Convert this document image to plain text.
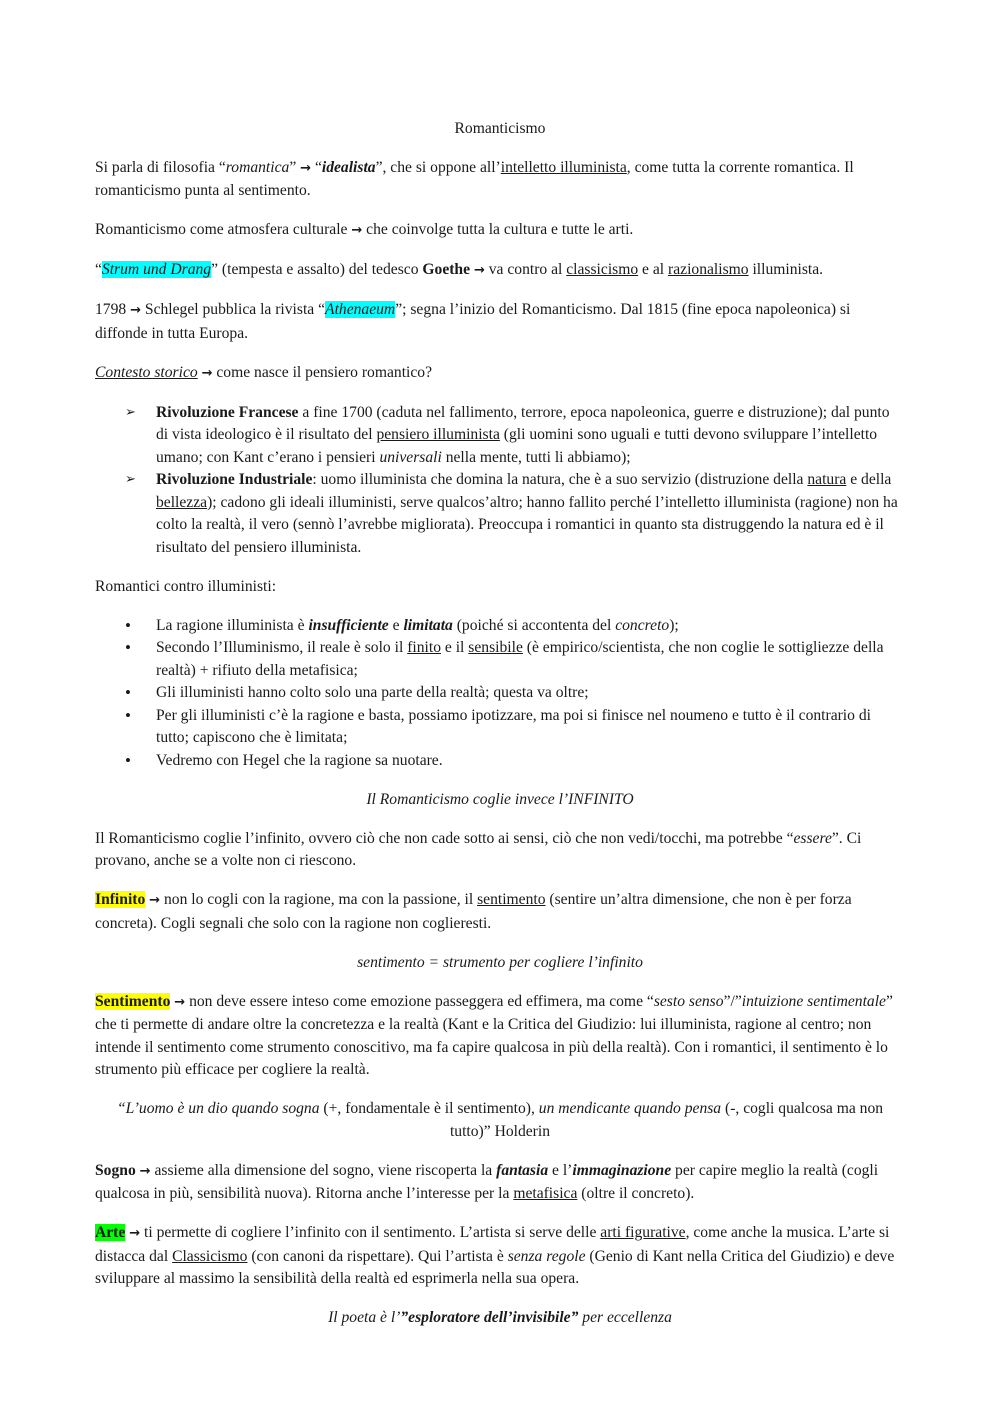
Romanticismo

Si parla di filosofia “romantica” → “idealista”, che si oppone all’intelletto illuminista, come tutta la corrente romantica. Il romanticismo punta al sentimento.

Romanticismo come atmosfera culturale → che coinvolge tutta la cultura e tutte le arti.

“Strum und Drang” (tempesta e assalto) del tedesco Goethe → va contro al classicismo e al razionalismo illuminista.

1798 → Schlegel pubblica la rivista “Athenaeum”; segna l’inizio del Romanticismo. Dal 1815 (fine epoca napoleonica) si diffonde in tutta Europa.

Contesto storico → come nasce il pensiero romantico?

➢	Rivoluzione Francese a fine 1700 (caduta nel fallimento, terrore, epoca napoleonica, guerre e distruzione); dal punto di vista ideologico è il risultato del pensiero illuminista (gli uomini sono uguali e tutti devono sviluppare l’intelletto umano; con Kant c’erano i pensieri universali nella mente, tutti li abbiamo);
➢	Rivoluzione Industriale: uomo illuminista che domina la natura, che è a suo servizio (distruzione della natura e della bellezza); cadono gli ideali illuministi, serve qualcos’altro; hanno fallito perché l’intelletto illuminista (ragione) non ha colto la realtà, il vero (sennò l’avrebbe migliorata). Preoccupa i romantici in quanto sta distruggendo la natura ed è il risultato del pensiero illuminista.

Romantici contro illuministi:

•	La ragione illuminista è insufficiente e limitata (poiché si accontenta del concreto);
•	Secondo l’Illuminismo, il reale è solo il finito e il sensibile (è empirico/scientista, che non coglie le sottigliezze della realtà) + rifiuto della metafisica;
•	Gli illuministi hanno colto solo una parte della realtà; questa va oltre;
•	Per gli illuministi c’è la ragione e basta, possiamo ipotizzare, ma poi si finisce nel noumeno e tutto è il contrario di tutto; capiscono che è limitata;
•	Vedremo con Hegel che la ragione sa nuotare.

Il Romanticismo coglie invece l’INFINITO

Il Romanticismo coglie l’infinito, ovvero ciò che non cade sotto ai sensi, ciò che non vedi/tocchi, ma potrebbe “essere”. Ci provano, anche se a volte non ci riescono.

Infinito → non lo cogli con la ragione, ma con la passione, il sentimento (sentire un’altra dimensione, che non è per forza concreta). Cogli segnali che solo con la ragione non coglieresti.

sentimento = strumento per cogliere l’infinito

Sentimento → non deve essere inteso come emozione passeggera ed effimera, ma come “sesto senso”/”intuizione sentimentale” che ti permette di andare oltre la concretezza e la realtà (Kant e la Critica del Giudizio: lui illuminista, ragione al centro; non intende il sentimento come strumento conoscitivo, ma fa capire qualcosa in più della realtà). Con i romantici, il sentimento è lo strumento più efficace per cogliere la realtà.

“L’uomo è un dio quando sogna (+, fondamentale è il sentimento), un mendicante quando pensa (-, cogli qualcosa ma non tutto)” Holderin

Sogno → assieme alla dimensione del sogno, viene riscoperta la fantasia e l’immaginazione per capire meglio la realtà (cogli qualcosa in più, sensibilità nuova). Ritorna anche l’interesse per la metafisica (oltre il concreto).

Arte → ti permette di cogliere l’infinito con il sentimento. L’artista si serve delle arti figurative, come anche la musica. L’arte si distacca dal Classicismo (con canoni da rispettare). Qui l’artista è senza regole (Genio di Kant nella Critica del Giudizio) e deve sviluppare al massimo la sensibilità della realtà ed esprimerla nella sua opera.

Il poeta è l’”esploratore dell’invisibile” per eccellenza
